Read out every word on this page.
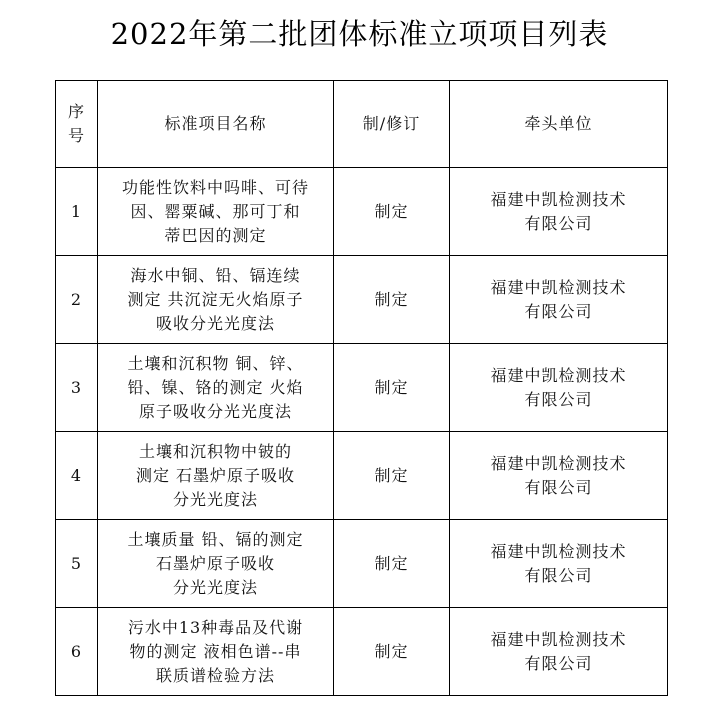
2022年第二批团体标准立项项目列表
序
号	标准项目名称	制/修订	牵头单位
1	功能性饮料中吗啡、可待
因、罂粟碱、那可丁和
蒂巴因的测定	制定	福建中凯检测技术
有限公司

2	海水中铜、铅、镉连续
测定 共沉淀无火焰原子
吸收分光光度法	制定	福建中凯检测技术
有限公司

3	土壤和沉积物 铜、锌、
铅、镍、铬的测定 火焰
原子吸收分光光度法	制定	福建中凯检测技术
有限公司

4	土壤和沉积物中铍的
测定 石墨炉原子吸收
分光光度法	制定	福建中凯检测技术
有限公司

5	土壤质量 铅、镉的测定
石墨炉原子吸收
分光光度法	制定	福建中凯检测技术
有限公司

6	污水中13种毒品及代谢
物的测定 液相色谱--串
联质谱检验方法	制定	福建中凯检测技术
有限公司
